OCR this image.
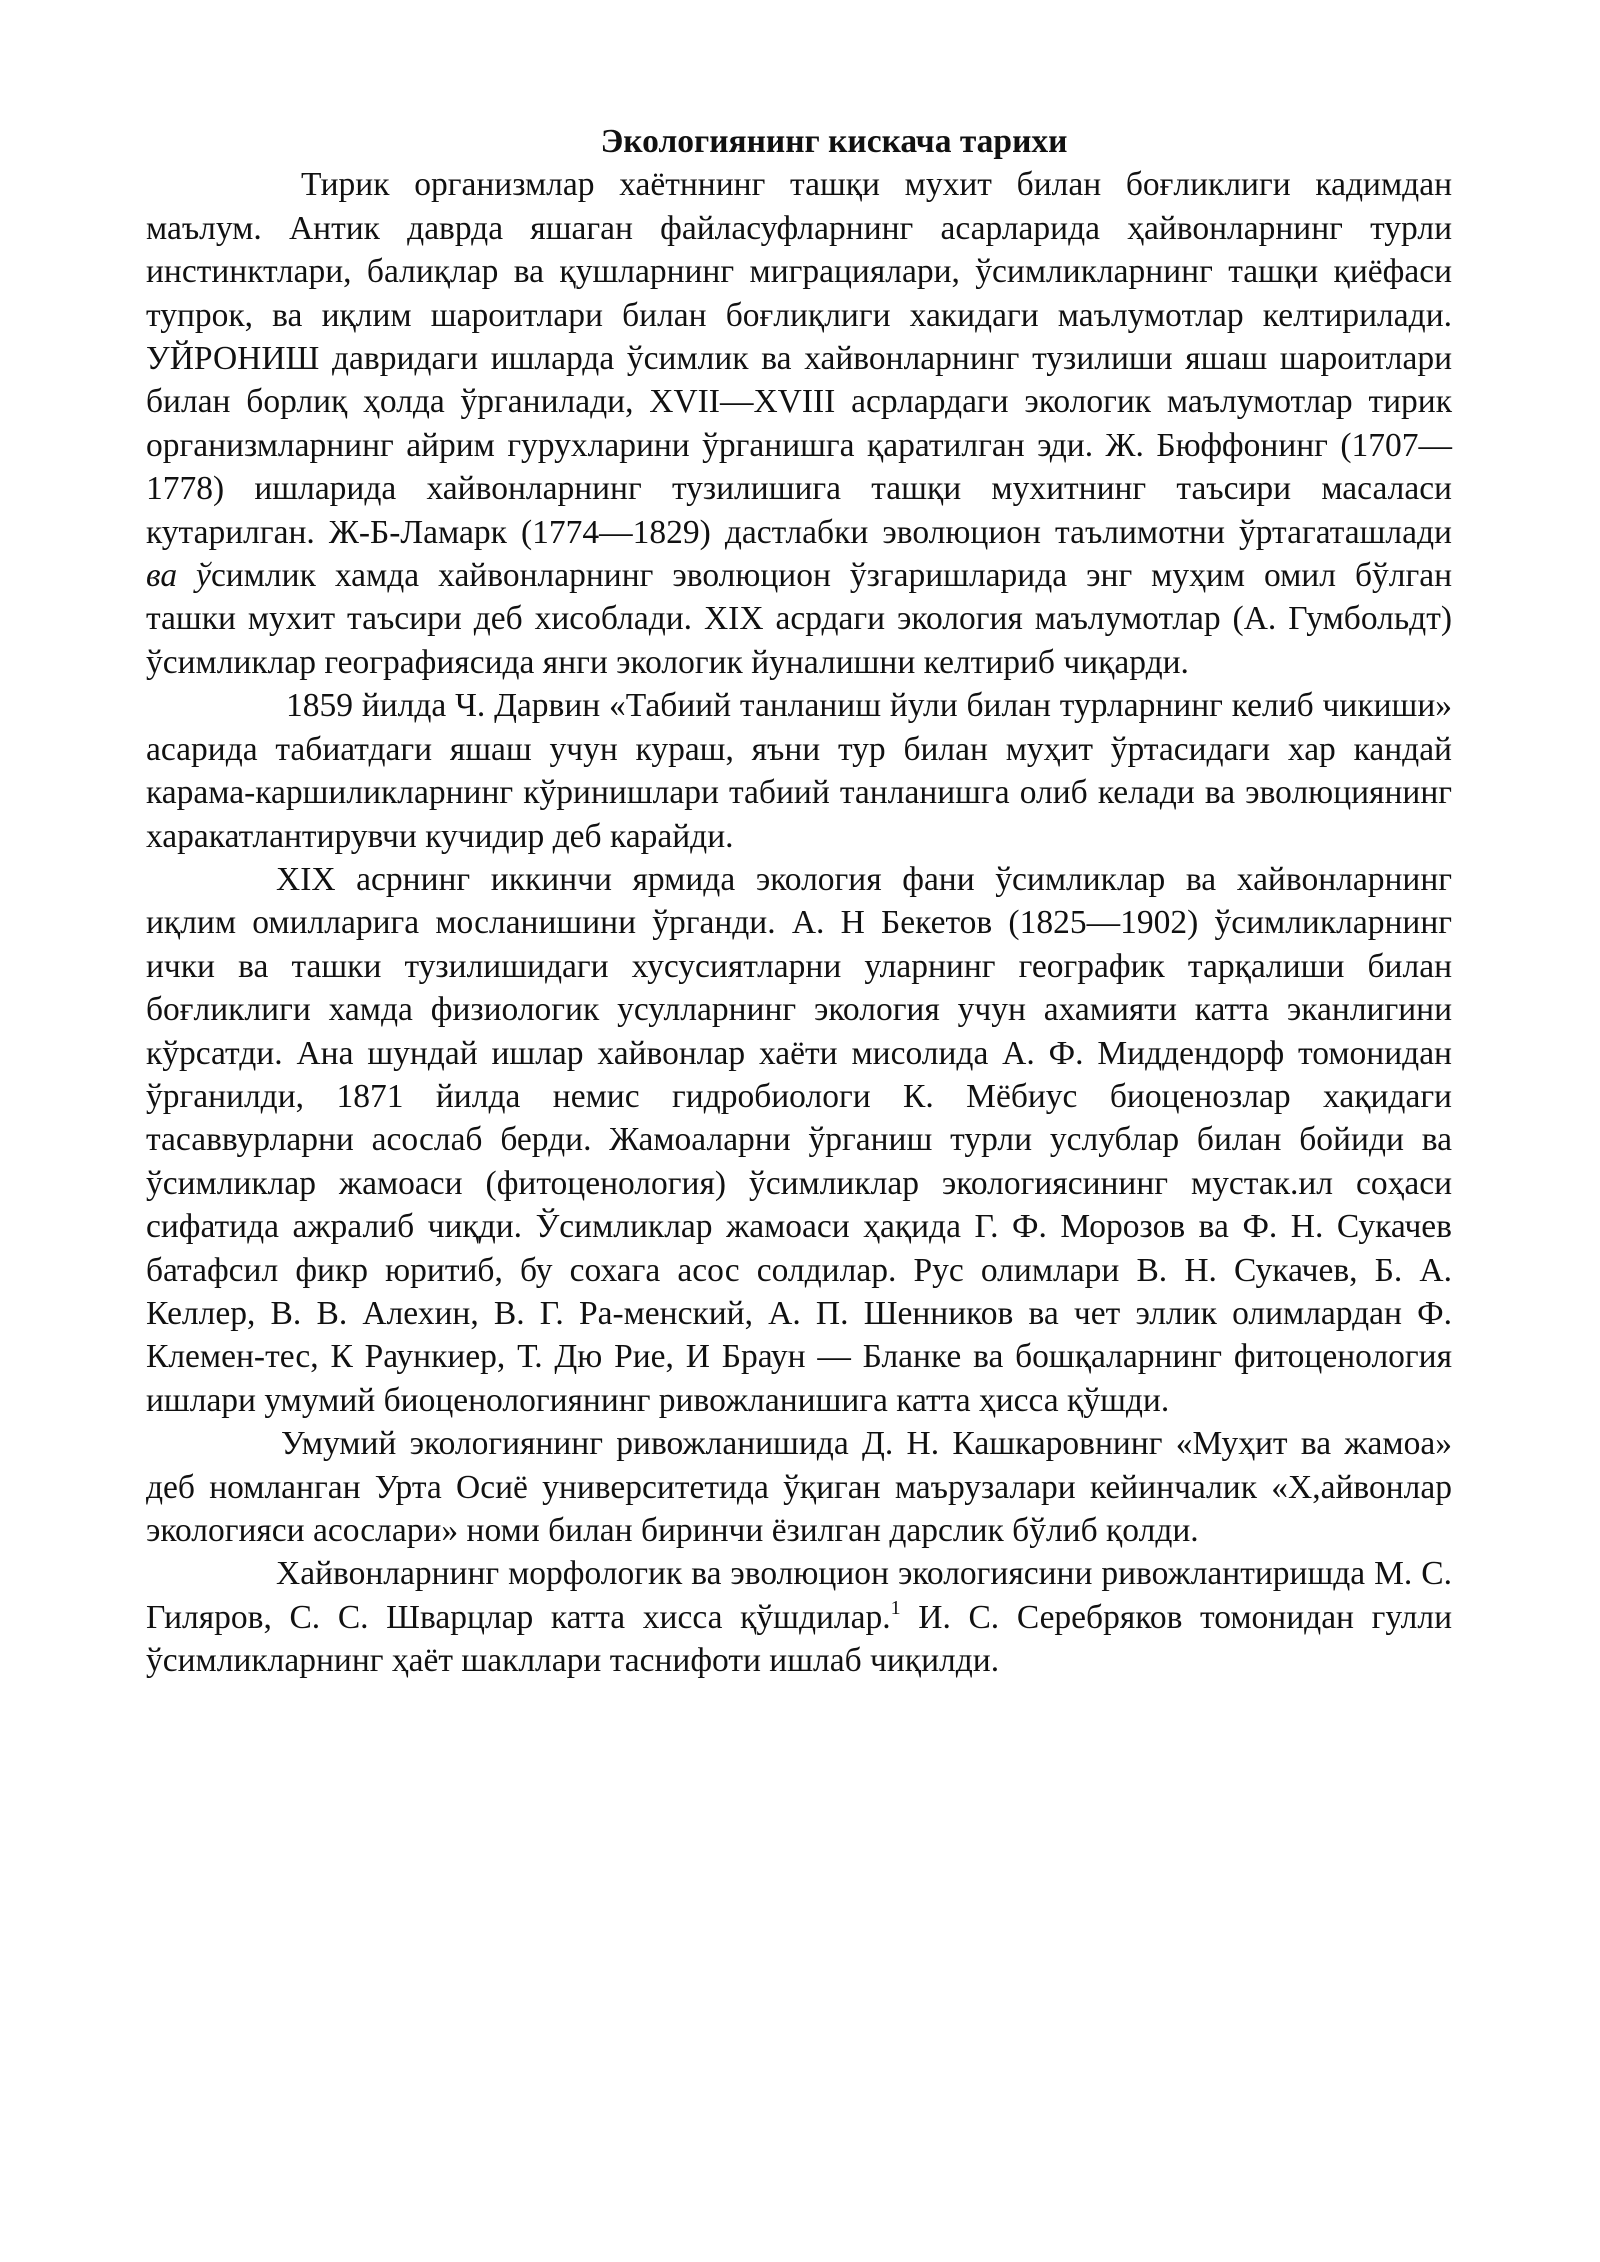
Экологиянинг кискача тарихи

Тирик организмлар хаётннинг ташқи мухит билан боғликлиги кадимдан маълум. Антик даврда яшаган файласуфларнинг асарларида ҳайвонларнинг турли инстинктлари, балиқлар ва қушларнинг миграциялари, ўсимликларнинг ташқи қиёфаси тупрок, ва иқлим шароитлари билан боғлиқлиги хакидаги маълумотлар келтирилади. УЙРОНИШ давридаги ишларда ўсимлик ва хайвонларнинг тузилиши яшаш шароитлари билан борлиқ ҳолда ўрганилади, XVII—XVIII асрлардаги экологик маълумотлар тирик организмларнинг айрим гурухларини ўрганишга қаратилган эди. Ж. Бюффонинг (1707—1778) ишларида хайвонларнинг тузилишига ташқи мухитнинг таъсири масаласи кутарилган. Ж-Б-Ламарк (1774—1829) дастлабки эволюцион таълимотни ўртагаташлади ва ўсимлик хамда хайвонларнинг эволюцион ўзгаришларида энг муҳим омил бўлган ташки мухит таъсири деб хисоблади. XIX асрдаги экология маълумотлар (А. Гумбольдт) ўсимликлар географиясида янги экологик йуналишни келтириб чиқарди.

1859 йилда Ч. Дарвин «Табиий танланиш йули билан турларнинг келиб чикиши» асарида табиатдаги яшаш учун кураш, яъни тур билан муҳит ўртасидаги хар кандай карама-каршиликларнинг кўринишлари табиий танланишга олиб келади ва эволюциянинг харакатлантирувчи кучидир деб карайди.

XIX асрнинг иккинчи ярмида экология фани ўсимликлар ва хайвонларнинг иқлим омилларига мосланишини ўрганди. А. Н Бекетов (1825—1902) ўсимликларнинг ички ва ташки тузилишидаги хусусиятларни уларнинг географик тарқалиши билан боғликлиги хамда физиологик усулларнинг экология учун ахамияти катта эканлигини кўрсатди. Ана шундай ишлар хайвонлар хаёти мисолида А. Ф. Миддендорф томонидан ўрганилди, 1871 йилда немис гидробиологи К. Мёбиус биоценозлар хақидаги тасаввурларни асослаб берди. Жамоаларни ўрганиш турли услублар билан бойиди ва ўсимликлар жамоаси (фитоценология) ўсимликлар экологиясининг мустак.ил соҳаси сифатида ажралиб чиқди. Ўсимликлар жамоаси ҳақида Г. Ф. Морозов ва Ф. Н. Сукачев батафсил фикр юритиб, бу сохага асос солдилар. Рус олимлари В. Н. Сукачев, Б. А. Келлер, В. В. Алехин, В. Г. Ра-менский, А. П. Шенников ва чет эллик олимлардан Ф. Клемен-тес, К Раункиер, Т. Дю Рие, И Браун — Бланке ва бошқаларнинг фитоценология ишлари умумий биоценологиянинг ривожланишига катта ҳисса қўшди.

Умумий экологиянинг ривожланишида Д. Н. Кашкаровнинг «Муҳит ва жамоа» деб номланган Урта Осиё университетида ўқиган маърузалари кейинчалик «Х,айвонлар экологияси асослари» номи билан биринчи ёзилган дарслик бўлиб қолди.

Хайвонларнинг морфологик ва эволюцион экологиясини ривожлантиришда М. С. Гиляров, С. С. Шварцлар катта хисса қўшдилар.$^1$ И. С. Серебряков томонидан гулли ўсимликларнинг ҳаёт шакллари таснифоти ишлаб чиқилди.
